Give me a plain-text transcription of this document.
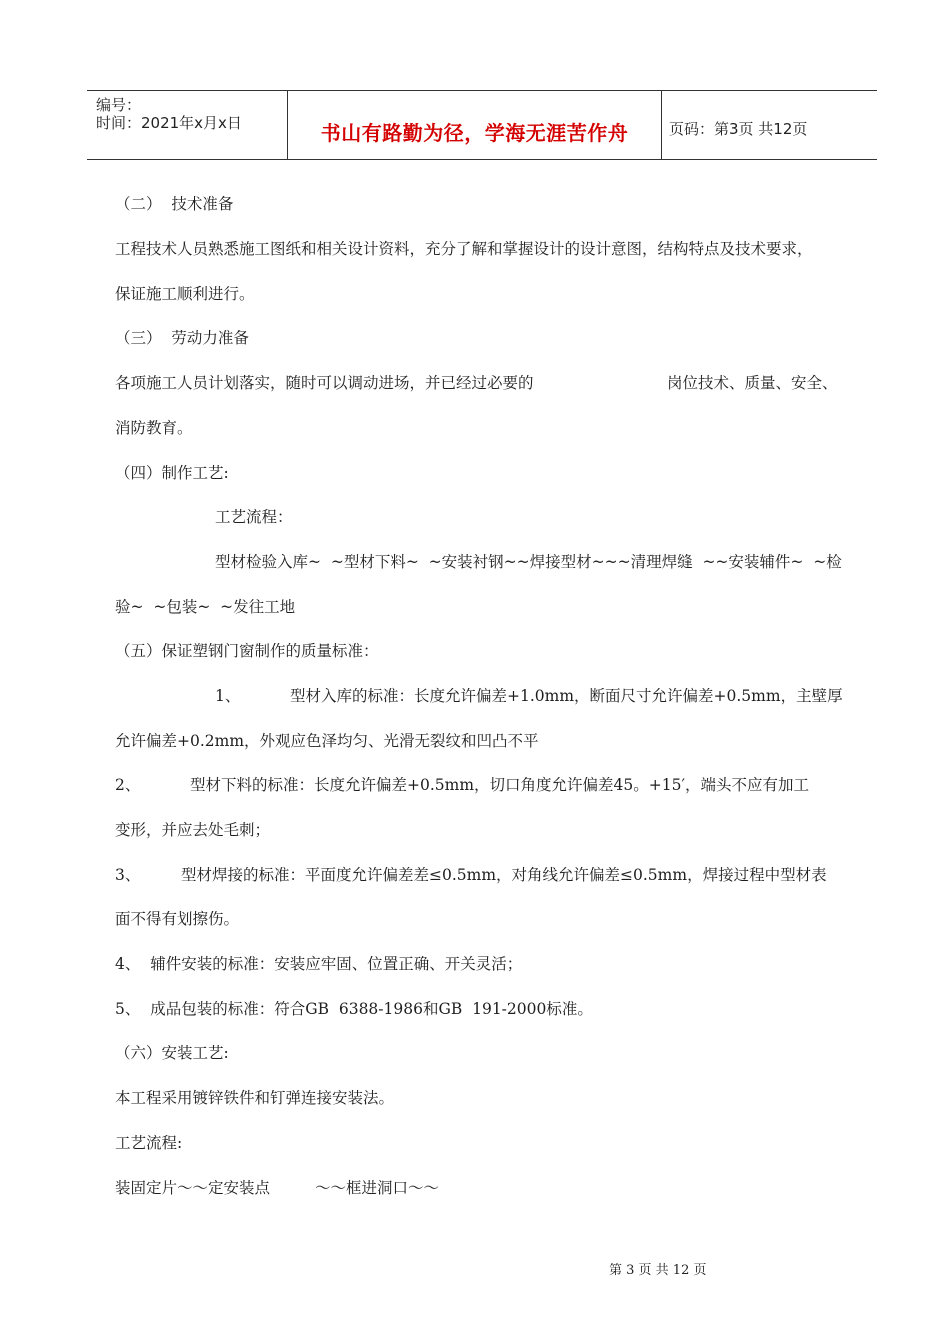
编号：
时间：2021年x月x日	书山有路勤为径，学海无涯苦作舟	页码：第3页 共12页
（二）  技术准备
工程技术人员熟悉施工图纸和相关设计资料，充分了解和掌握设计的设计意图，结构特点及技术要求，
保证施工顺利进行。
（三）  劳动力准备
各项施工人员计划落实，随时可以调动进场，并已经过必要的	岗位技术、质量、安全、
消防教育。
（四）制作工艺:
工艺流程：
型材检验入库~  ~型材下料~  ~安装衬钢~~焊接型材~~~清理焊缝  ~~安装辅件~  ~检
验~  ~包装~  ~发往工地
（五）保证塑钢门窗制作的质量标准：
1、	型材入库的标准：长度允许偏差+1.0mm，断面尺寸允许偏差+0.5mm，主壁厚
允许偏差+0.2mm，外观应色泽均匀、光滑无裂纹和凹凸不平
2、	型材下料的标准：长度允许偏差+0.5mm，切口角度允许偏差45。+15′，端头不应有加工
变形，并应去处毛刺；
3、	型材焊接的标准：平面度允许偏差差≤0.5mm，对角线允许偏差≤0.5mm，焊接过程中型材表
面不得有划擦伤。
4、  辅件安装的标准：安装应牢固、位置正确、开关灵活；
5、  成品包装的标准：符合GB  6388-1986和GB  191-2000标准。
（六）安装工艺:
本工程采用镀锌铁件和钉弹连接安装法。
工艺流程:
装固定片～～定安装点	～～框进洞口～～
第 3 页 共 12 页
